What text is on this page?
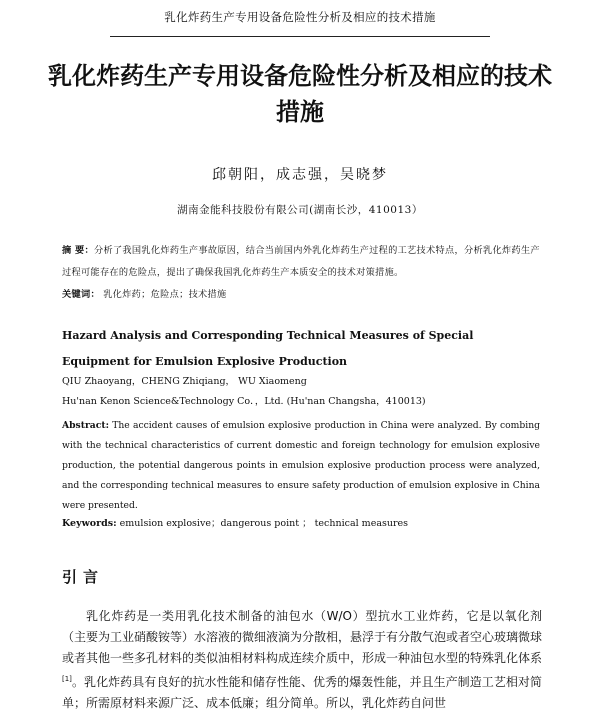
乳化炸药生产专用设备危险性分析及相应的技术措施
乳化炸药生产专用设备危险性分析及相应的技术措施
邱朝阳，成志强，吴晓梦
湖南金能科技股份有限公司(湖南长沙，410013）
摘 要：分析了我国乳化炸药生产事故原因，结合当前国内外乳化炸药生产过程的工艺技术特点，分析乳化炸药生产过程可能存在的危险点，提出了确保我国乳化炸药生产本质安全的技术对策措施。
关键词： 乳化炸药；危险点；技术措施
Hazard Analysis and Corresponding Technical Measures of Special Equipment for Emulsion Explosive Production
QIU Zhaoyang，CHENG Zhiqiang， WU Xiaomeng
Hu'nan Kenon Science&Technology Co．，Ltd. (Hu'nan Changsha，410013)
Abstract: The accident causes of emulsion explosive production in China were analyzed. By combing with the technical characteristics of current domestic and foreign technology for emulsion explosive production, the potential dangerous points in emulsion explosive production process were analyzed, and the corresponding technical measures to ensure safety production of emulsion explosive in China were presented.
Keywords: emulsion explosive；dangerous point ； technical measures
引言
乳化炸药是一类用乳化技术制备的油包水（W/O）型抗水工业炸药，它是以氧化剂（主要为工业硝酸铵等）水溶液的微细液滴为分散相，悬浮于有分散气泡或者空心玻璃微球或者其他一些多孔材料的类似油相材料构成连续介质中，形成一种油包水型的特殊乳化体系[1]。乳化炸药具有良好的抗水性能和储存性能、优秀的爆轰性能，并且生产制造工艺相对简单；所需原材料来源广泛、成本低廉；组分简单。所以，乳化炸药自问世
